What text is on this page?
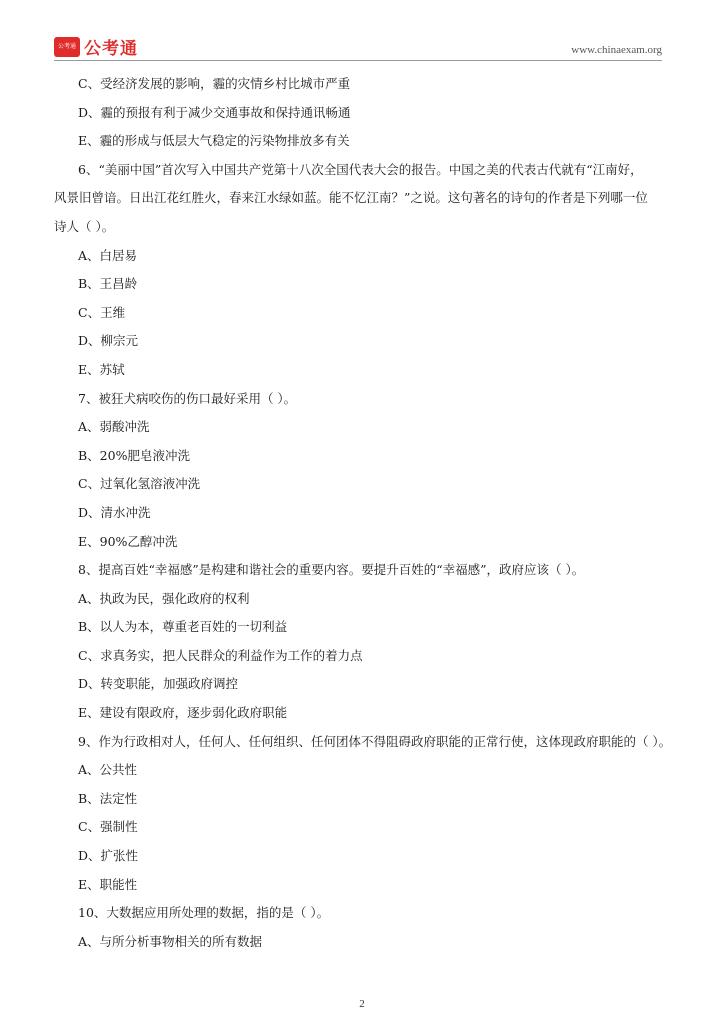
公考通 公考通	www.chinaexam.org
C、受经济发展的影响，霾的灾情乡村比城市严重
D、霾的预报有利于减少交通事故和保持通讯畅通
E、霾的形成与低层大气稳定的污染物排放多有关
6、“美丽中国”首次写入中国共产党第十八次全国代表大会的报告。中国之美的代表古代就有“江南好，
风景旧曾谙。日出江花红胜火，春来江水绿如蓝。能不忆江南？”之说。这句著名的诗句的作者是下列哪一位
诗人（ ）。
A、白居易
B、王昌龄
C、王维
D、柳宗元
E、苏轼
7、被狂犬病咬伤的伤口最好采用（ ）。
A、弱酸冲洗
B、20%肥皂液冲洗
C、过氧化氢溶液冲洗
D、清水冲洗
E、90%乙醇冲洗
8、提高百姓“幸福感”是构建和谐社会的重要内容。要提升百姓的“幸福感”，政府应该（ ）。
A、执政为民，强化政府的权利
B、以人为本，尊重老百姓的一切利益
C、求真务实，把人民群众的利益作为工作的着力点
D、转变职能，加强政府调控
E、建设有限政府，逐步弱化政府职能
9、作为行政相对人，任何人、任何组织、任何团体不得阻碍政府职能的正常行使，这体现政府职能的（ ）。
A、公共性
B、法定性
C、强制性
D、扩张性
E、职能性
10、大数据应用所处理的数据，指的是（ ）。
A、与所分析事物相关的所有数据
2
